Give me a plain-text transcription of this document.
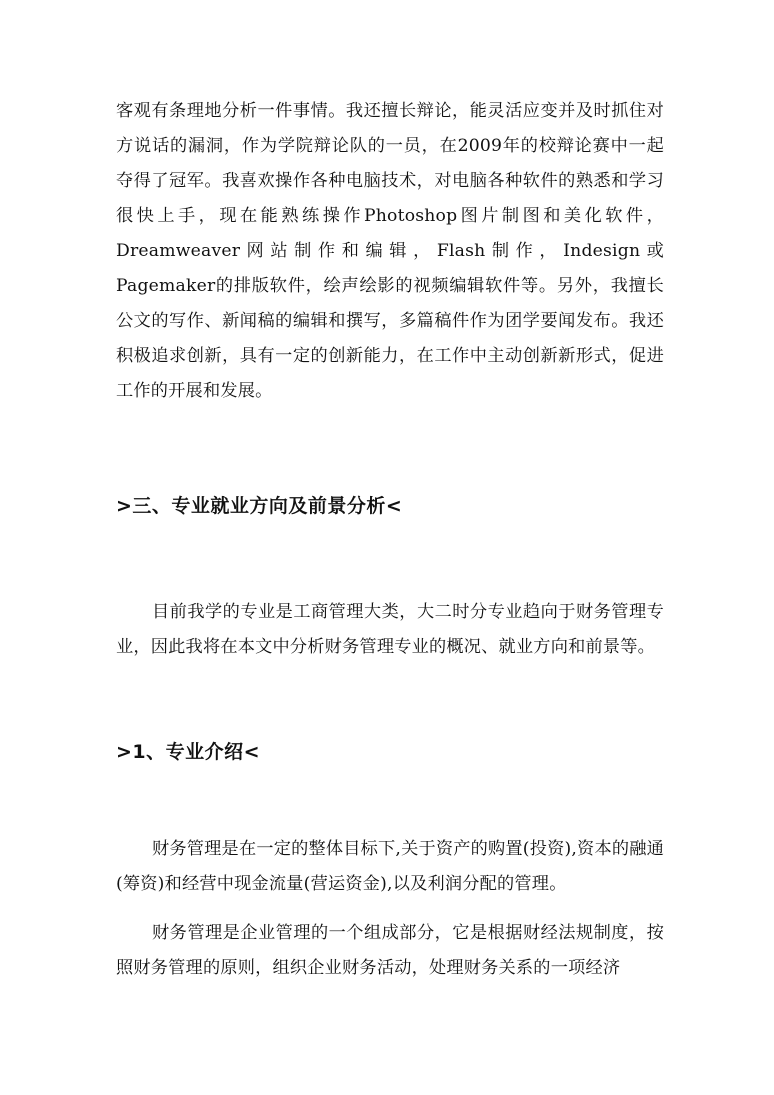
客观有条理地分析一件事情。我还擅长辩论，能灵活应变并及时抓住对方说话的漏洞，作为学院辩论队的一员，在2009年的校辩论赛中一起夺得了冠军。我喜欢操作各种电脑技术，对电脑各种软件的熟悉和学习很快上手，现在能熟练操作Photoshop图片制图和美化软件，Dreamweaver网站制作和编辑，Flash制作，Indesign或Pagemaker的排版软件，绘声绘影的视频编辑软件等。另外，我擅长公文的写作、新闻稿的编辑和撰写，多篇稿件作为团学要闻发布。我还积极追求创新，具有一定的创新能力，在工作中主动创新新形式，促进工作的开展和发展。

>三、专业就业方向及前景分析<

目前我学的专业是工商管理大类，大二时分专业趋向于财务管理专业，因此我将在本文中分析财务管理专业的概况、就业方向和前景等。

>1、专业介绍<

财务管理是在一定的整体目标下,关于资产的购置(投资),资本的融通(筹资)和经营中现金流量(营运资金),以及利润分配的管理。

财务管理是企业管理的一个组成部分，它是根据财经法规制度，按照财务管理的原则，组织企业财务活动，处理财务关系的一项经济
